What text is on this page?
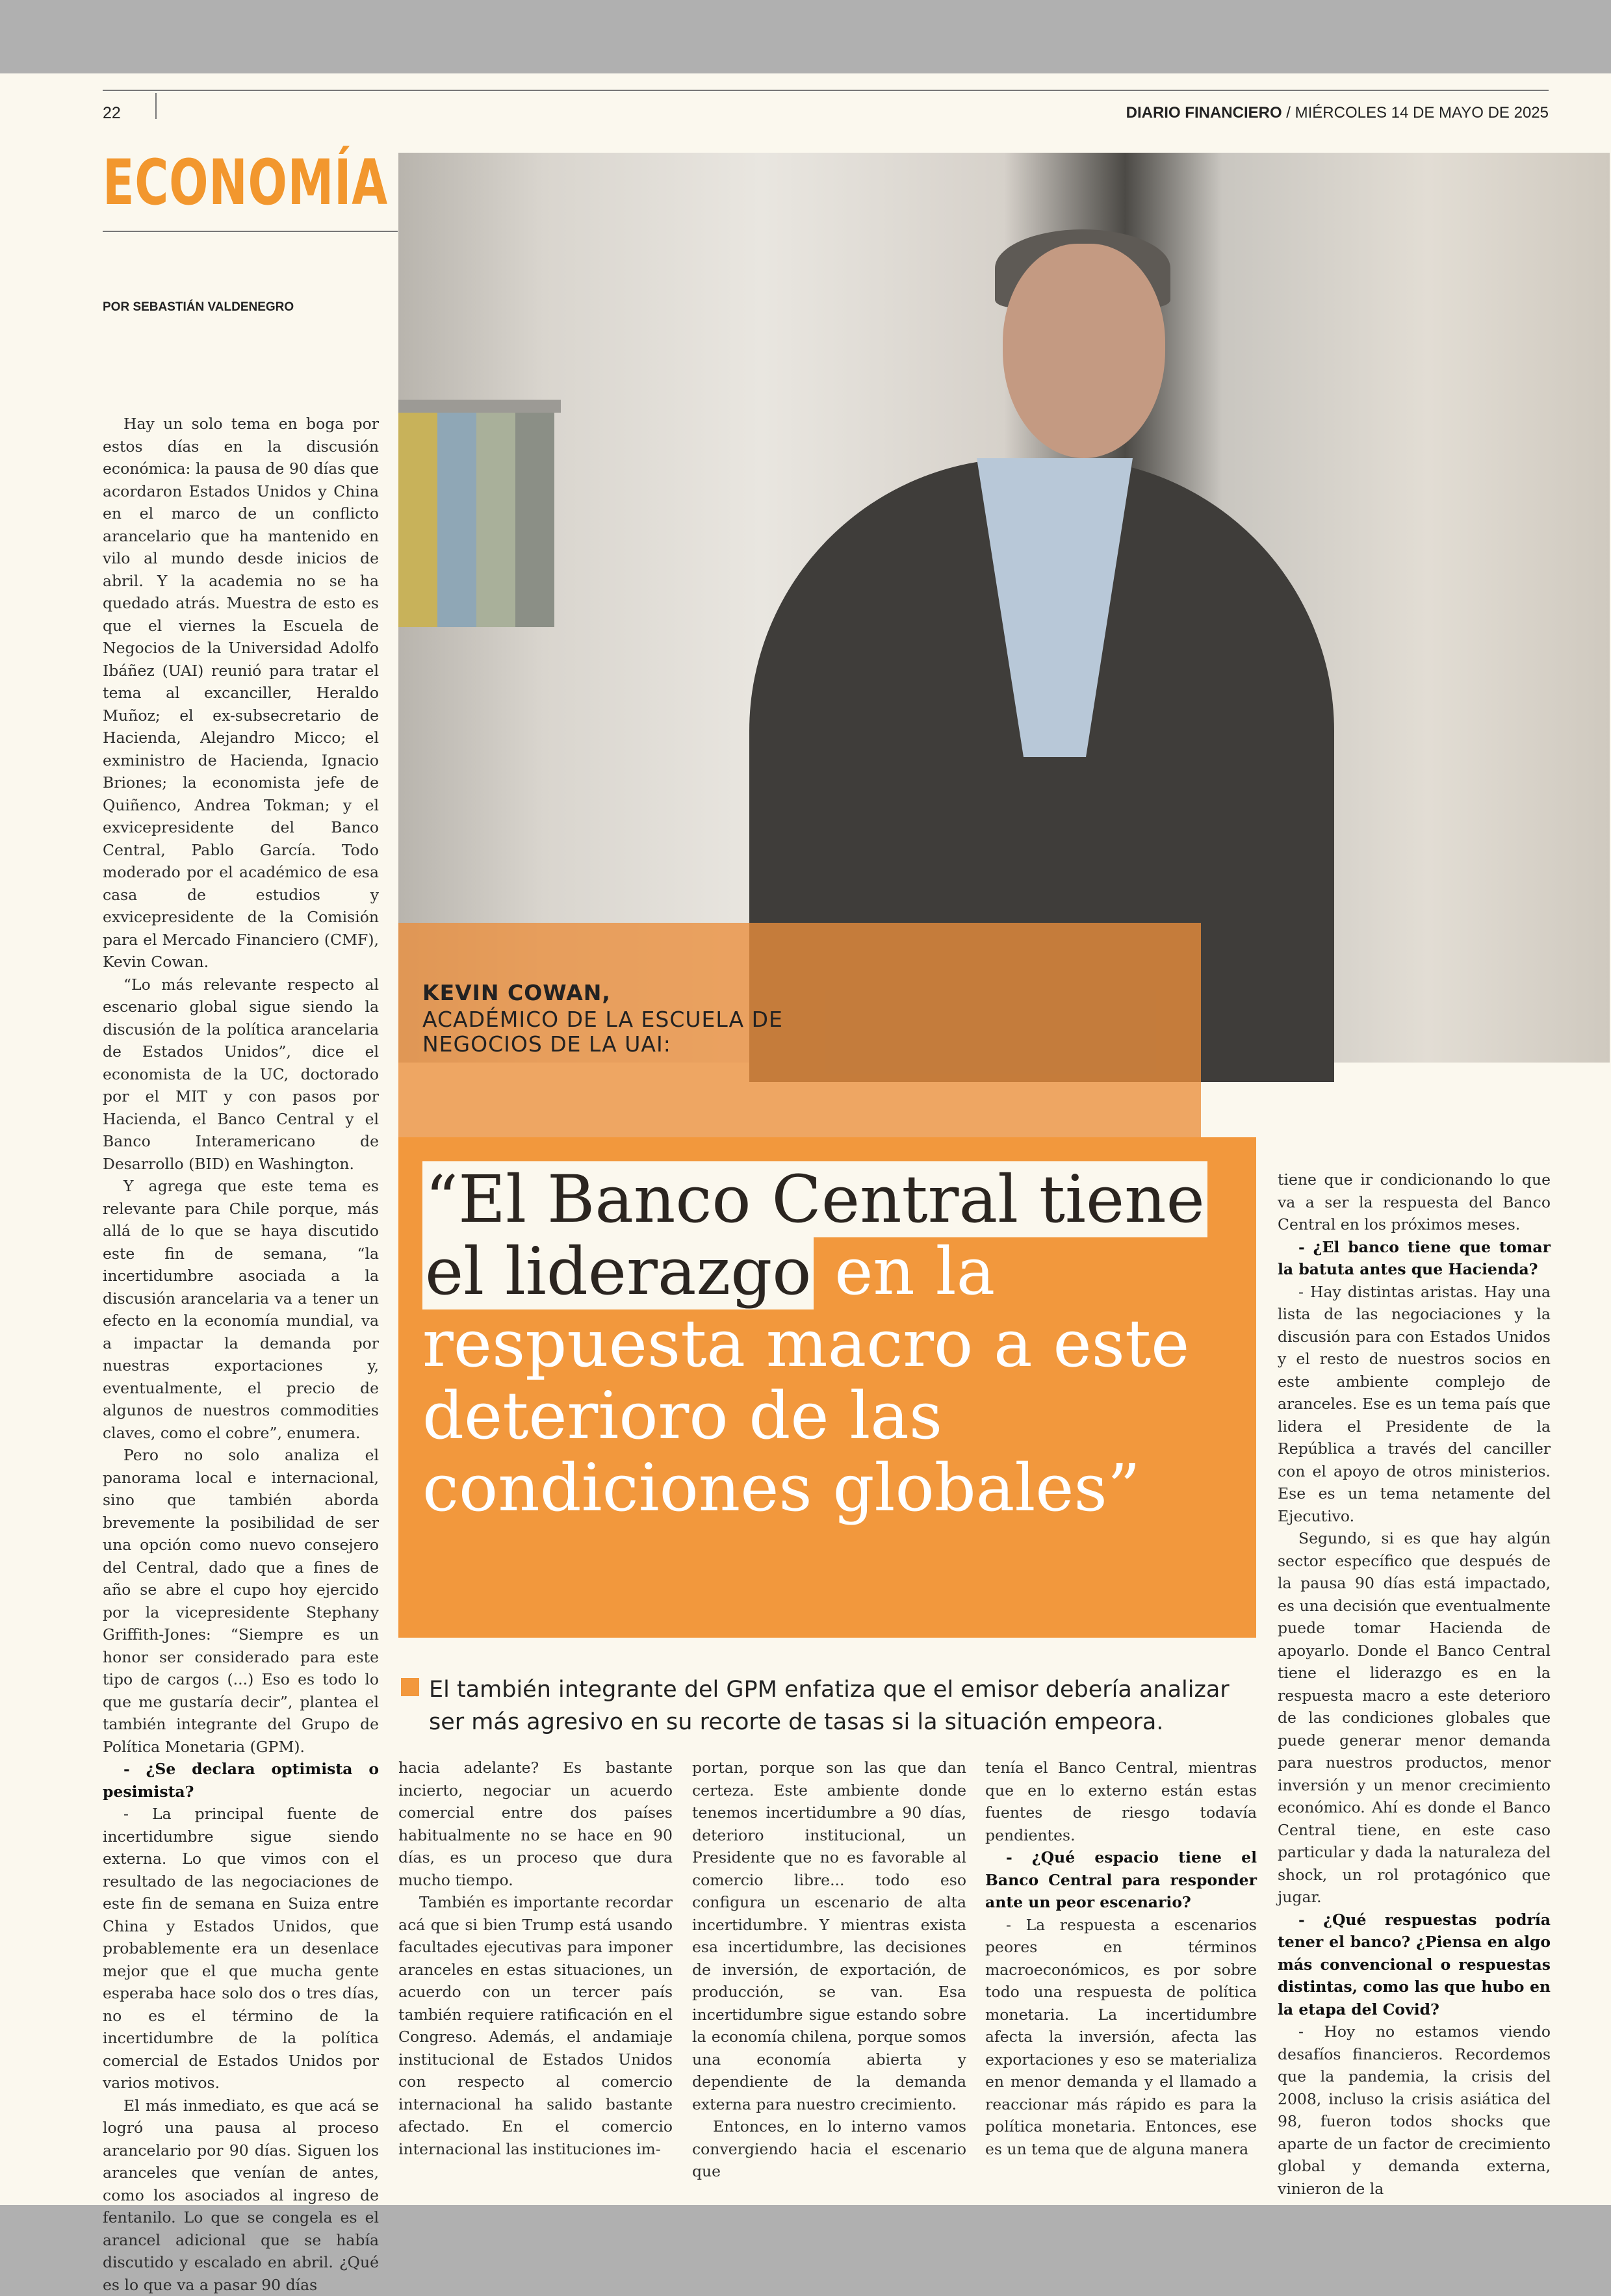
22	DIARIO FINANCIERO / MIÉRCOLES 14 DE MAYO DE 2025
ECONOMÍA
POR SEBASTIÁN VALDENEGRO

Hay un solo tema en boga por estos días en la discusión económica: la pausa de 90 días que acordaron Estados Unidos y China en el marco de un conflicto arancelario que ha mantenido en vilo al mundo desde inicios de abril. Y la academia no se ha quedado atrás. Muestra de esto es que el viernes la Escuela de Negocios de la Universidad Adolfo Ibáñez (UAI) reunió para tratar el tema al excanciller, Heraldo Muñoz; el ex-subsecretario de Hacienda, Alejandro Micco; el exministro de Hacienda, Ignacio Briones; la economista jefe de Quiñenco, Andrea Tokman; y el exvicepresidente del Banco Central, Pablo García. Todo moderado por el académico de esa casa de estudios y exvicepresidente de la Comisión para el Mercado Financiero (CMF), Kevin Cowan.

“Lo más relevante respecto al escenario global sigue siendo la discusión de la política arancelaria de Estados Unidos”, dice el economista de la UC, doctorado por el MIT y con pasos por Hacienda, el Banco Central y el Banco Interamericano de Desarrollo (BID) en Washington.

Y agrega que este tema es relevante para Chile porque, más allá de lo que se haya discutido este fin de semana, “la incertidumbre asociada a la discusión arancelaria va a tener un efecto en la economía mundial, va a impactar la demanda por nuestras exportaciones y, eventualmente, el precio de algunos de nuestros commodities claves, como el cobre”, enumera.

Pero no solo analiza el panorama local e internacional, sino que también aborda brevemente la posibilidad de ser una opción como nuevo consejero del Central, dado que a fines de año se abre el cupo hoy ejercido por la vicepresidente Stephany Griffith-Jones: “Siempre es un honor ser considerado para este tipo de cargos (...) Eso es todo lo que me gustaría decir”, plantea el también integrante del Grupo de Política Monetaria (GPM).

- ¿Se declara optimista o pesimista?

- La principal fuente de incertidumbre sigue siendo externa. Lo que vimos con el resultado de las negociaciones de este fin de semana en Suiza entre China y Estados Unidos, que probablemente era un desenlace mejor que el que mucha gente esperaba hace solo dos o tres días, no es el término de la incertidumbre de la política comercial de Estados Unidos por varios motivos.

El más inmediato, es que acá se logró una pausa al proceso arancelario por 90 días. Siguen los aranceles que venían de antes, como los asociados al ingreso de fentanilo. Lo que se congela es el arancel adicional que se había discutido y escalado en abril. ¿Qué es lo que va a pasar 90 días

KEVIN COWAN,
ACADÉMICO DE LA ESCUELA DE NEGOCIOS DE LA UAI:
“El Banco Central tiene el liderazgo en la respuesta macro a este deterioro de las condiciones globales”
El también integrante del GPM enfatiza que el emisor debería analizar ser más agresivo en su recorte de tasas si la situación empeora.

hacia adelante? Es bastante incierto, negociar un acuerdo comercial entre dos países habitualmente no se hace en 90 días, es un proceso que dura mucho tiempo.

También es importante recordar acá que si bien Trump está usando facultades ejecutivas para imponer aranceles en estas situaciones, un acuerdo con un tercer país también requiere ratificación en el Congreso. Además, el andamiaje institucional de Estados Unidos con respecto al comercio internacional ha salido bastante afectado. En el comercio internacional las instituciones im-

portan, porque son las que dan certeza. Este ambiente donde tenemos incertidumbre a 90 días, deterioro institucional, un Presidente que no es favorable al comercio libre... todo eso configura un escenario de alta incertidumbre. Y mientras exista esa incertidumbre, las decisiones de inversión, de exportación, de producción, se van. Esa incertidumbre sigue estando sobre la economía chilena, porque somos una economía abierta y dependiente de la demanda externa para nuestro crecimiento.

Entonces, en lo interno vamos convergiendo hacia el escenario que

tenía el Banco Central, mientras que en lo externo están estas fuentes de riesgo todavía pendientes.

- ¿Qué espacio tiene el Banco Central para responder ante un peor escenario?

- La respuesta a escenarios peores en términos macroeconómicos, es por sobre todo una respuesta de política monetaria. La incertidumbre afecta la inversión, afecta las exportaciones y eso se materializa en menor demanda y el llamado a reaccionar más rápido es para la política monetaria. Entonces, ese es un tema que de alguna manera

tiene que ir condicionando lo que va a ser la respuesta del Banco Central en los próximos meses.

- ¿El banco tiene que tomar la batuta antes que Hacienda?

- Hay distintas aristas. Hay una lista de las negociaciones y la discusión para con Estados Unidos y el resto de nuestros socios en este ambiente complejo de aranceles. Ese es un tema país que lidera el Presidente de la República a través del canciller con el apoyo de otros ministerios. Ese es un tema netamente del Ejecutivo.

Segundo, si es que hay algún sector específico que después de la pausa 90 días está impactado, es una decisión que eventualmente puede tomar Hacienda de apoyarlo. Donde el Banco Central tiene el liderazgo es en la respuesta macro a este deterioro de las condiciones globales que puede generar menor demanda para nuestros productos, menor inversión y un menor crecimiento económico. Ahí es donde el Banco Central tiene, en este caso particular y dada la naturaleza del shock, un rol protagónico que jugar.

- ¿Qué respuestas podría tener el banco? ¿Piensa en algo más convencional o respuestas distintas, como las que hubo en la etapa del Covid?

- Hoy no estamos viendo desafíos financieros. Recordemos que la pandemia, la crisis del 2008, incluso la crisis asiática del 98, fueron todos shocks que aparte de un factor de crecimiento global y demanda externa, vinieron de la
